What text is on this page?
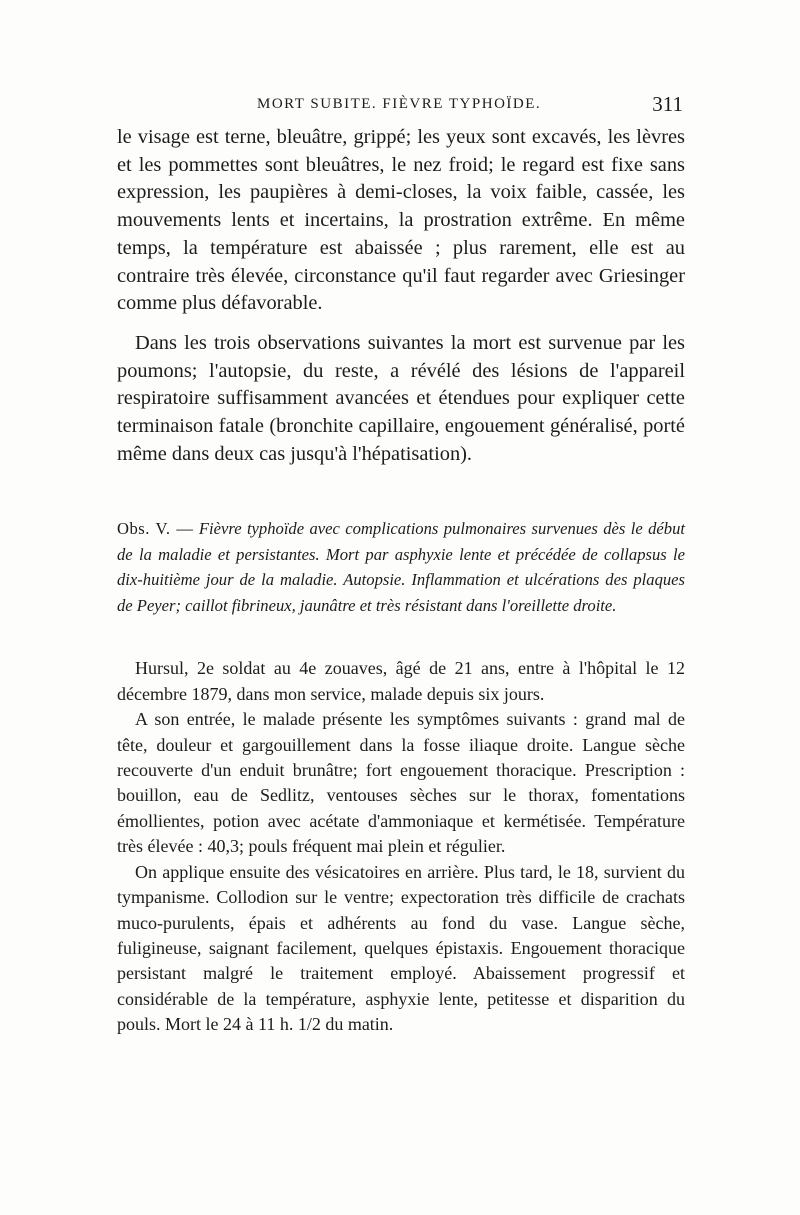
MORT SUBITE. FIÈVRE TYPHOÏDE.	311

le visage est terne, bleuâtre, grippé; les yeux sont excavés, les lèvres et les pommettes sont bleuâtres, le nez froid; le regard est fixe sans expression, les paupières à demi-closes, la voix faible, cassée, les mouvements lents et incertains, la prostration extrême. En même temps, la température est abaissée ; plus rarement, elle est au contraire très élevée, circonstance qu'il faut regarder avec Griesinger comme plus défavorable.

Dans les trois observations suivantes la mort est survenue par les poumons; l'autopsie, du reste, a révélé des lésions de l'appareil respiratoire suffisamment avancées et étendues pour expliquer cette terminaison fatale (bronchite capillaire, engouement généralisé, porté même dans deux cas jusqu'à l'hépatisation).

Obs. V. — Fièvre typhoïde avec complications pulmonaires survenues dès le début de la maladie et persistantes. Mort par asphyxie lente et précédée de collapsus le dix-huitième jour de la maladie. Autopsie. Inflammation et ulcérations des plaques de Peyer; caillot fibrineux, jaunâtre et très résistant dans l'oreillette droite.

Hursul, 2e soldat au 4e zouaves, âgé de 21 ans, entre à l'hôpital le 12 décembre 1879, dans mon service, malade depuis six jours.

A son entrée, le malade présente les symptômes suivants : grand mal de tête, douleur et gargouillement dans la fosse iliaque droite. Langue sèche recouverte d'un enduit brunâtre; fort engouement thoracique. Prescription : bouillon, eau de Sedlitz, ventouses sèches sur le thorax, fomentations émollientes, potion avec acétate d'ammoniaque et kermétisée. Température très élevée : 40,3; pouls fréquent mai plein et régulier.

On applique ensuite des vésicatoires en arrière. Plus tard, le 18, survient du tympanisme. Collodion sur le ventre; expectoration très difficile de crachats muco-purulents, épais et adhérents au fond du vase. Langue sèche, fuligineuse, saignant facilement, quelques épistaxis. Engouement thoracique persistant malgré le traitement employé. Abaissement progressif et considérable de la température, asphyxie lente, petitesse et disparition du pouls. Mort le 24 à 11 h. 1/2 du matin.
